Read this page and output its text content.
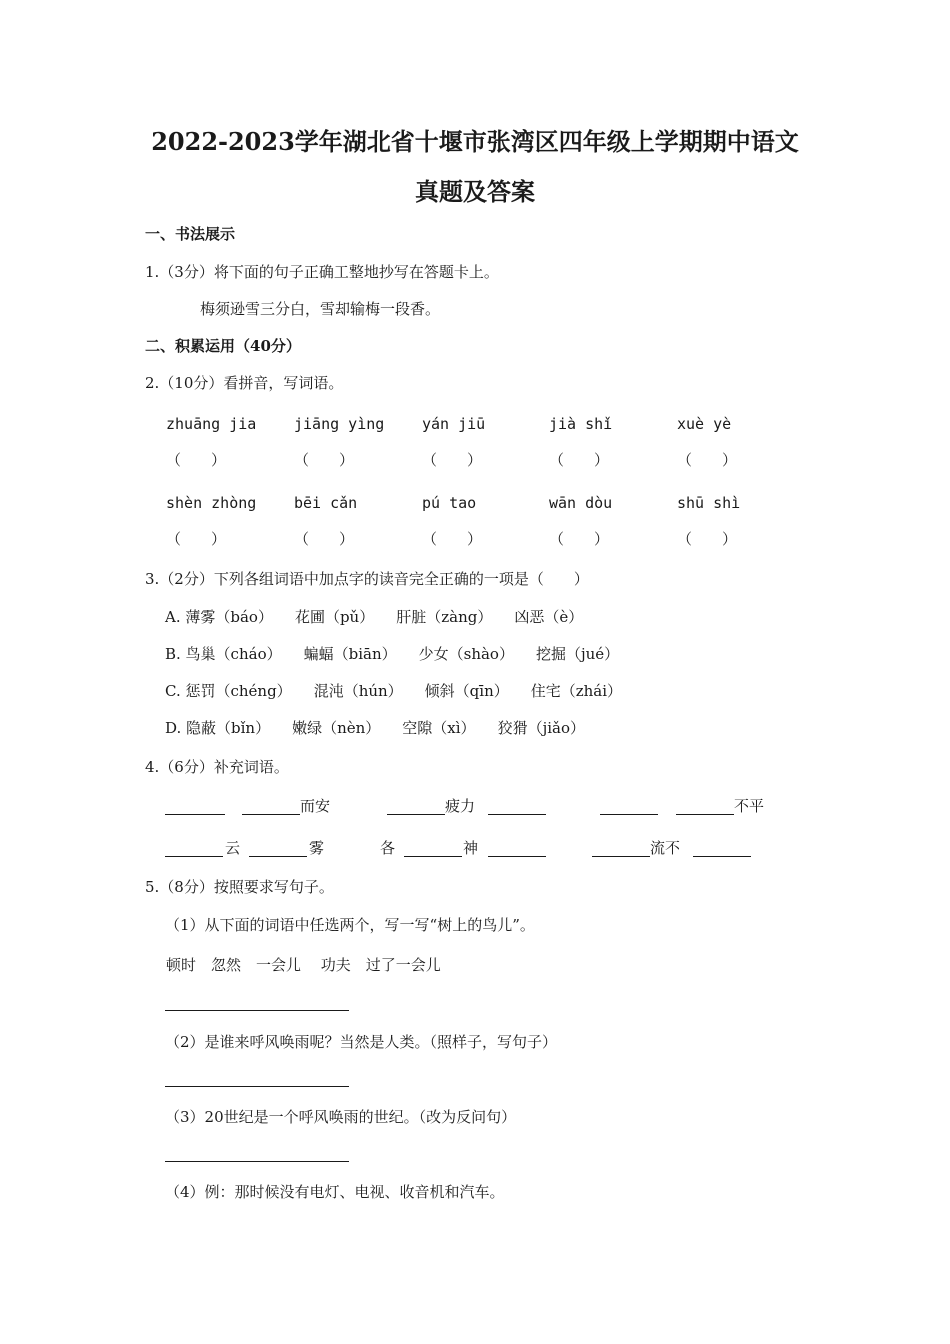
2022-2023学年湖北省十堰市张湾区四年级上学期期中语文
真题及答案
一、书法展示
1.（3分）将下面的句子正确工整地抄写在答题卡上。
梅须逊雪三分白，雪却输梅一段香。
二、积累运用（40分）
2.（10分）看拼音，写词语。
zhuāng jia	jiāng yìng	yán jiū	jià shǐ	xuè yè
（　　）	（　　）	（　　）	（　　）	（　　）
shèn zhòng	bēi cǎn	pú tao	wān dòu	shū shì
（　　）	（　　）	（　　）	（　　）	（　　）
3.（2分）下列各组词语中加点字的读音完全正确的一项是（　　）
A. 薄雾（báo） 花圃（pǔ） 肝脏（zàng） 凶恶（è）
B. 鸟巢（cháo） 蝙蝠（biān） 少女（shào） 挖掘（jué）
C. 惩罚（chéng） 混沌（hún） 倾斜（qīn） 住宅（zhái）
D. 隐蔽（bǐn） 嫩绿（nèn） 空隙（xì） 狡猾（jiǎo）
4.（6分）补充词语。
而安	疲力	不平
云	雾	各	神	流不
5.（8分）按照要求写句子。
（1）从下面的词语中任选两个，写一写“树上的鸟儿”。
顿时　忽然　一会儿　 功夫　过了一会儿
（2）是谁来呼风唤雨呢？当然是人类。（照样子，写句子）
（3）20世纪是一个呼风唤雨的世纪。（改为反问句）
（4）例：那时候没有电灯、电视、收音机和汽车。
